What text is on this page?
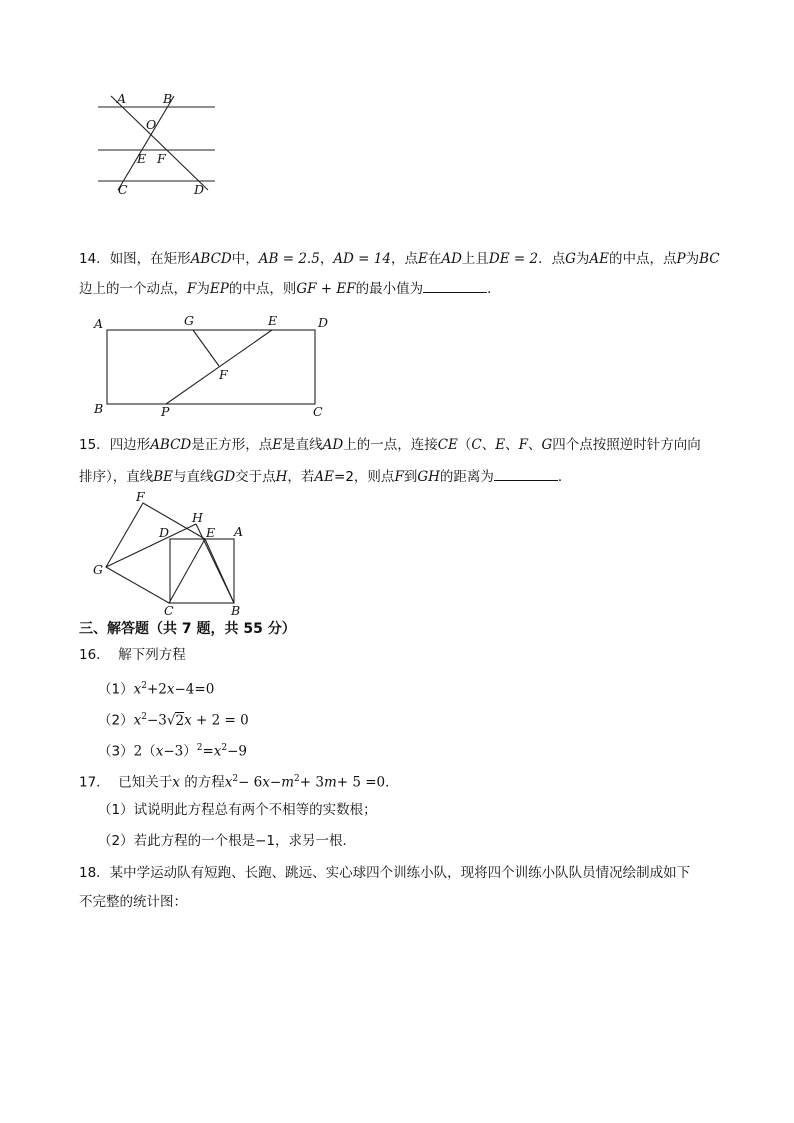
A	B
O
E F
C	D
14．如图，在矩形ABCD中，AB = 2.5，AD = 14，点E在AD上且DE = 2．点G为AE的中点，点P为BC
边上的一个动点，F为EP的中点，则GF + EF的最小值为	．
A	G	E	D
F
B	P	C
15．四边形ABCD是正方形，点E是直线AD上的一点，连接CE（C、E、F、G四个点按照逆时针方向向
排序），直线BE与直线GD交于点H，若AE=2，则点F到GH的距离为	．
F
H
D	E A
G
C	B
三、解答题（共 7 题，共 55 分）
16． 解下列方程
$(1)x^2+2x-4=0$
$(2)x^2-3√2x + 2 = 0$
$(3)2(x-3)^2=x^2-9$
17． 已知关于x 的方程$x^2- 6x-m^2+ 3m+ 5 =0$．
（1）试说明此方程总有两个不相等的实数根；
（2）若此方程的一个根是−1，求另一根．
18．某中学运动队有短跑、长跑、跳远、实心球四个训练小队，现将四个训练小队队员情况绘制成如下
不完整的统计图：
